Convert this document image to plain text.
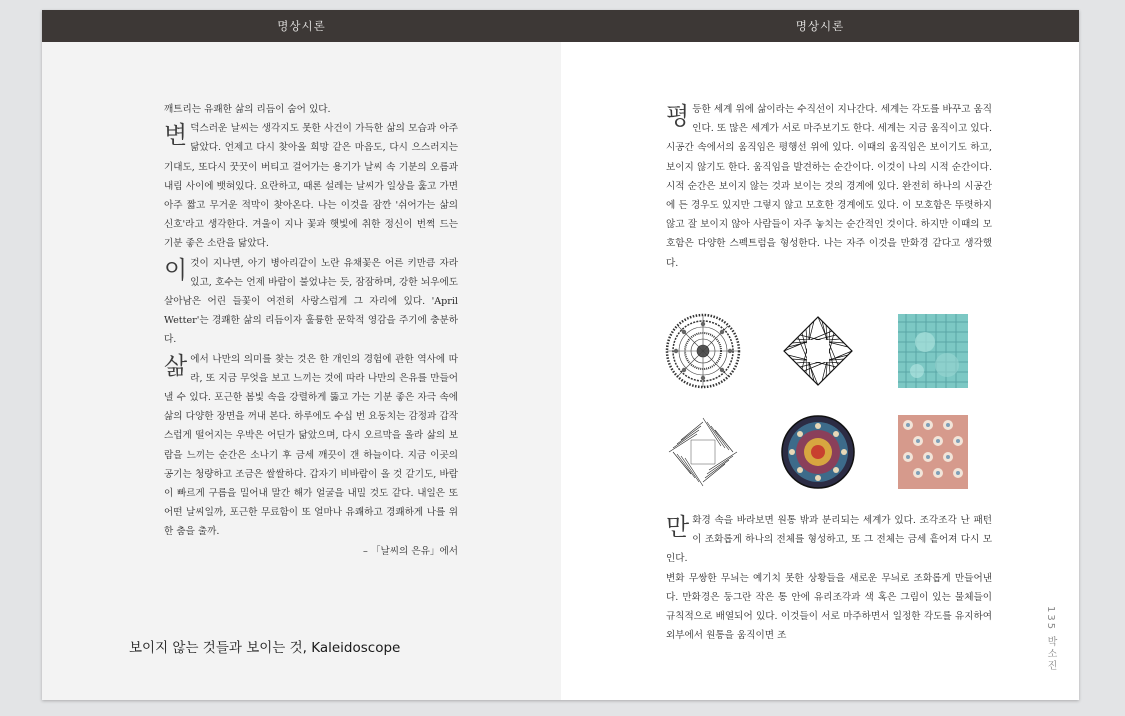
명상시론

깨트리는 유쾌한 삶의 리듬이 숨어 있다.

변덕스러운 날씨는 생각지도 못한 사건이 가득한 삶의 모습과 아주 닮았다. 언제고 다시 찾아올 희망 같은 마음도, 다시 으스러지는 기대도, 또다시 꿋꿋이 버티고 걸어가는 용기가 날씨 속 기분의 오름과 내림 사이에 뱃혀있다. 요란하고, 때론 설레는 날씨가 일상을 훑고 가면 아주 짧고 무거운 적막이 찾아온다. 나는 이것을 잠깐 '쉬어가는 삶의 신호'라고 생각한다. 겨울이 지나 꽃과 햇빛에 취한 정신이 번쩍 드는 기분 좋은 소란을 닮았다.

이것이 지나면, 아기 병아리같이 노란 유채꽃은 어른 키만큼 자라 있고, 호수는 언제 바람이 불었냐는 듯, 잠잠하며, 강한 뇌우에도 살아남은 어린 들꽃이 여전히 사랑스럽게 그 자리에 있다. 'April Wetter'는 경쾌한 삶의 리듬이자 훌륭한 문학적 영감을 주기에 충분하다.

삶에서 나만의 의미를 찾는 것은 한 개인의 경험에 관한 역사에 따라, 또 지금 무엇을 보고 느끼는 것에 따라 나만의 은유를 만들어낼 수 있다. 포근한 봄빛 속을 강렬하게 뚫고 가는 기분 좋은 자극 속에 삶의 다양한 장면을 꺼내 본다. 하루에도 수십 번 요동치는 감정과 갑작스럽게 떨어지는 우박은 어딘가 닮았으며, 다시 오르막을 올라 삶의 보람을 느끼는 순간은 소나기 후 금세 깨끗이 갠 하늘이다. 지금 이곳의 공기는 청량하고 조금은 쌀쌀하다. 갑자기 비바람이 올 것 같기도, 바람이 빠르게 구름을 밀어내 말간 해가 얼굴을 내밀 것도 같다. 내일은 또 어떤 날씨일까, 포근한 무료함이 또 얼마나 유쾌하고 경쾌하게 나를 위한 춤을 출까.

– 「날씨의 은유」에서

보이지 않는 것들과 보이는 것, Kaleidoscope
명상시론

평등한 세계 위에 삶이라는 수직선이 지나간다. 세계는 각도를 바꾸고 움직인다. 또 많은 세계가 서로 마주보기도 한다. 세계는 지금 움직이고 있다. 시공간 속에서의 움직임은 평행선 위에 있다. 이때의 움직임은 보이기도 하고, 보이지 않기도 한다. 움직임을 발견하는 순간이다. 이것이 나의 시적 순간이다. 시적 순간은 보이지 않는 것과 보이는 것의 경계에 있다. 완전히 하나의 시공간에 든 경우도 있지만 그렇지 않고 모호한 경계에도 있다. 이 모호함은 뚜렷하지 않고 잘 보이지 않아 사람들이 자주 놓치는 순간적인 것이다. 하지만 이때의 모호함은 다양한 스펙트럼을 형성한다. 나는 자주 이것을 만화경 같다고 생각했다.

만화경 속을 바라보면 원통 밖과 분리되는 세계가 있다. 조각조각 난 패턴이 조화롭게 하나의 전체를 형성하고, 또 그 전체는 금세 흩어져 다시 모인다.

변화 무쌍한 무늬는 예기치 못한 상황들을 새로운 무늬로 조화롭게 만들어낸다. 만화경은 둥그란 작은 통 안에 유리조각과 색 혹은 그림이 있는 물체들이 규칙적으로 배열되어 있다. 이것들이 서로 마주하면서 일정한 각도를 유지하여 외부에서 원통을 움직이면 조	135 박소진
